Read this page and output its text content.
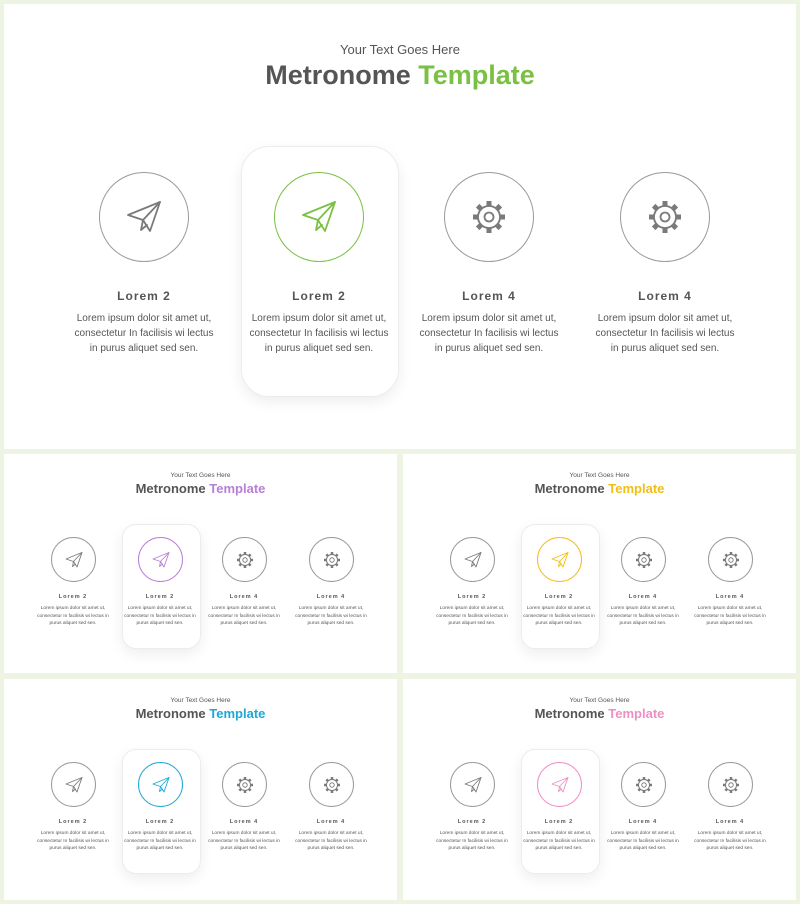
Your Text Goes Here
Metronome Template
Lorem 2	Lorem 2	Lorem 4	Lorem 4

Lorem ipsum dolor sit amet ut, consectetur In facilisis wi lectus in purus aliquet sed sen.

Lorem ipsum dolor sit amet ut, consectetur In facilisis wi lectus in purus aliquet sed sen.

Lorem ipsum dolor sit amet ut, consectetur In facilisis wi lectus in purus aliquet sed sen.

Lorem ipsum dolor sit amet ut, consectetur In facilisis wi lectus in purus aliquet sed sen.

Your Text Goes Here
Metronome Template
Lorem 2	Lorem 2	Lorem 4	Lorem 4

Lorem ipsum dolor sit amet ut, consectetur In facilisis wi lectus in purus aliquet sed sen.

Lorem ipsum dolor sit amet ut, consectetur In facilisis wi lectus in purus aliquet sed sen.

Lorem ipsum dolor sit amet ut, consectetur In facilisis wi lectus in purus aliquet sed sen.

Lorem ipsum dolor sit amet ut, consectetur In facilisis wi lectus in purus aliquet sed sen.

Your Text Goes Here
Metronome Template
Lorem 2	Lorem 2	Lorem 4	Lorem 4

Lorem ipsum dolor sit amet ut, consectetur In facilisis wi lectus in purus aliquet sed sen.

Lorem ipsum dolor sit amet ut, consectetur In facilisis wi lectus in purus aliquet sed sen.

Lorem ipsum dolor sit amet ut, consectetur In facilisis wi lectus in purus aliquet sed sen.

Lorem ipsum dolor sit amet ut, consectetur In facilisis wi lectus in purus aliquet sed sen.

Your Text Goes Here
Metronome Template
Lorem 2	Lorem 2	Lorem 4	Lorem 4

Lorem ipsum dolor sit amet ut, consectetur In facilisis wi lectus in purus aliquet sed sen.

Lorem ipsum dolor sit amet ut, consectetur In facilisis wi lectus in purus aliquet sed sen.

Lorem ipsum dolor sit amet ut, consectetur In facilisis wi lectus in purus aliquet sed sen.

Lorem ipsum dolor sit amet ut, consectetur In facilisis wi lectus in purus aliquet sed sen.

Your Text Goes Here
Metronome Template
Lorem 2	Lorem 2	Lorem 4	Lorem 4

Lorem ipsum dolor sit amet ut, consectetur In facilisis wi lectus in purus aliquet sed sen.

Lorem ipsum dolor sit amet ut, consectetur In facilisis wi lectus in purus aliquet sed sen.

Lorem ipsum dolor sit amet ut, consectetur In facilisis wi lectus in purus aliquet sed sen.

Lorem ipsum dolor sit amet ut, consectetur In facilisis wi lectus in purus aliquet sed sen.
